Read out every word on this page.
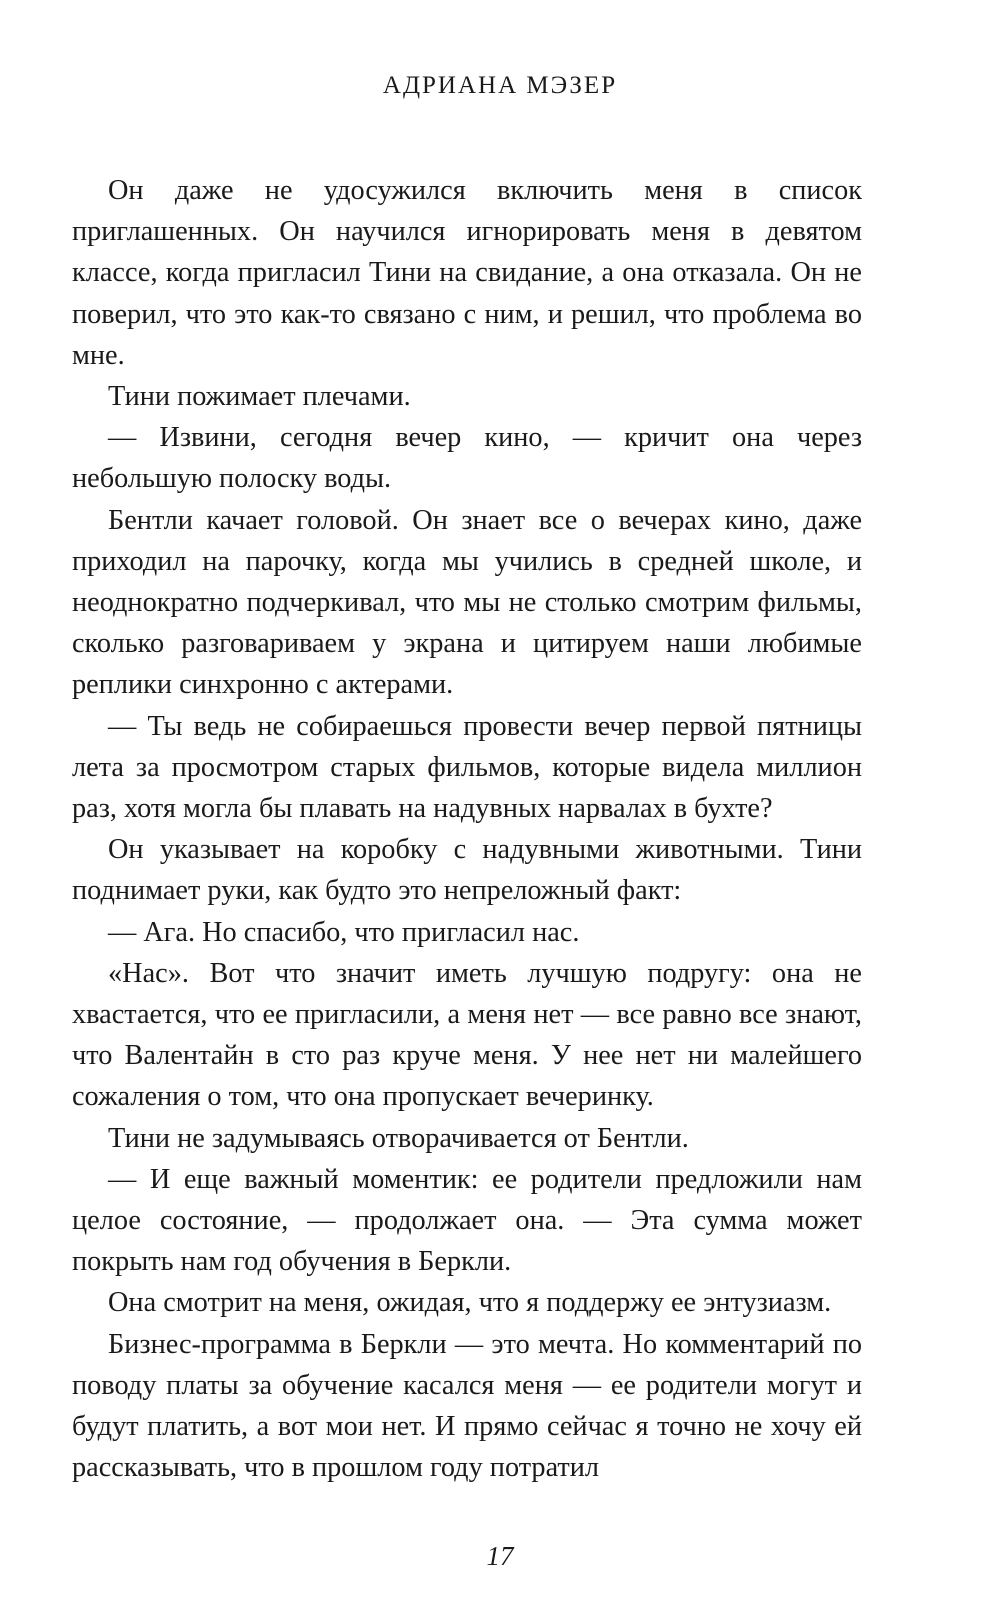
АДРИАНА МЭЗЕР

Он даже не удосужился включить меня в список приглашенных. Он научился игнорировать меня в девятом классе, когда пригласил Тини на свидание, а она отказала. Он не поверил, что это как-то связано с ним, и решил, что проблема во мне.

Тини пожимает плечами.

— Извини, сегодня вечер кино, — кричит она через небольшую полоску воды.

Бентли качает головой. Он знает все о вечерах кино, даже приходил на парочку, когда мы учились в средней школе, и неоднократно подчеркивал, что мы не столько смотрим фильмы, сколько разговариваем у экрана и цитируем наши любимые реплики синхронно с актерами.

— Ты ведь не собираешься провести вечер первой пятницы лета за просмотром старых фильмов, которые видела миллион раз, хотя могла бы плавать на надувных нарвалах в бухте?

Он указывает на коробку с надувными животными. Тини поднимает руки, как будто это непреложный факт:

— Ага. Но спасибо, что пригласил нас.

«Нас». Вот что значит иметь лучшую подругу: она не хвастается, что ее пригласили, а меня нет — все равно все знают, что Валентайн в сто раз круче меня. У нее нет ни малейшего сожаления о том, что она пропускает вечеринку.

Тини не задумываясь отворачивается от Бентли.

— И еще важный моментик: ее родители предложили нам целое состояние, — продолжает она. — Эта сумма может покрыть нам год обучения в Беркли.

Она смотрит на меня, ожидая, что я поддержу ее энтузиазм.

Бизнес-программа в Беркли — это мечта. Но комментарий по поводу платы за обучение касался меня — ее родители могут и будут платить, а вот мои нет. И прямо сейчас я точно не хочу ей рассказывать, что в прошлом году потратил

17
